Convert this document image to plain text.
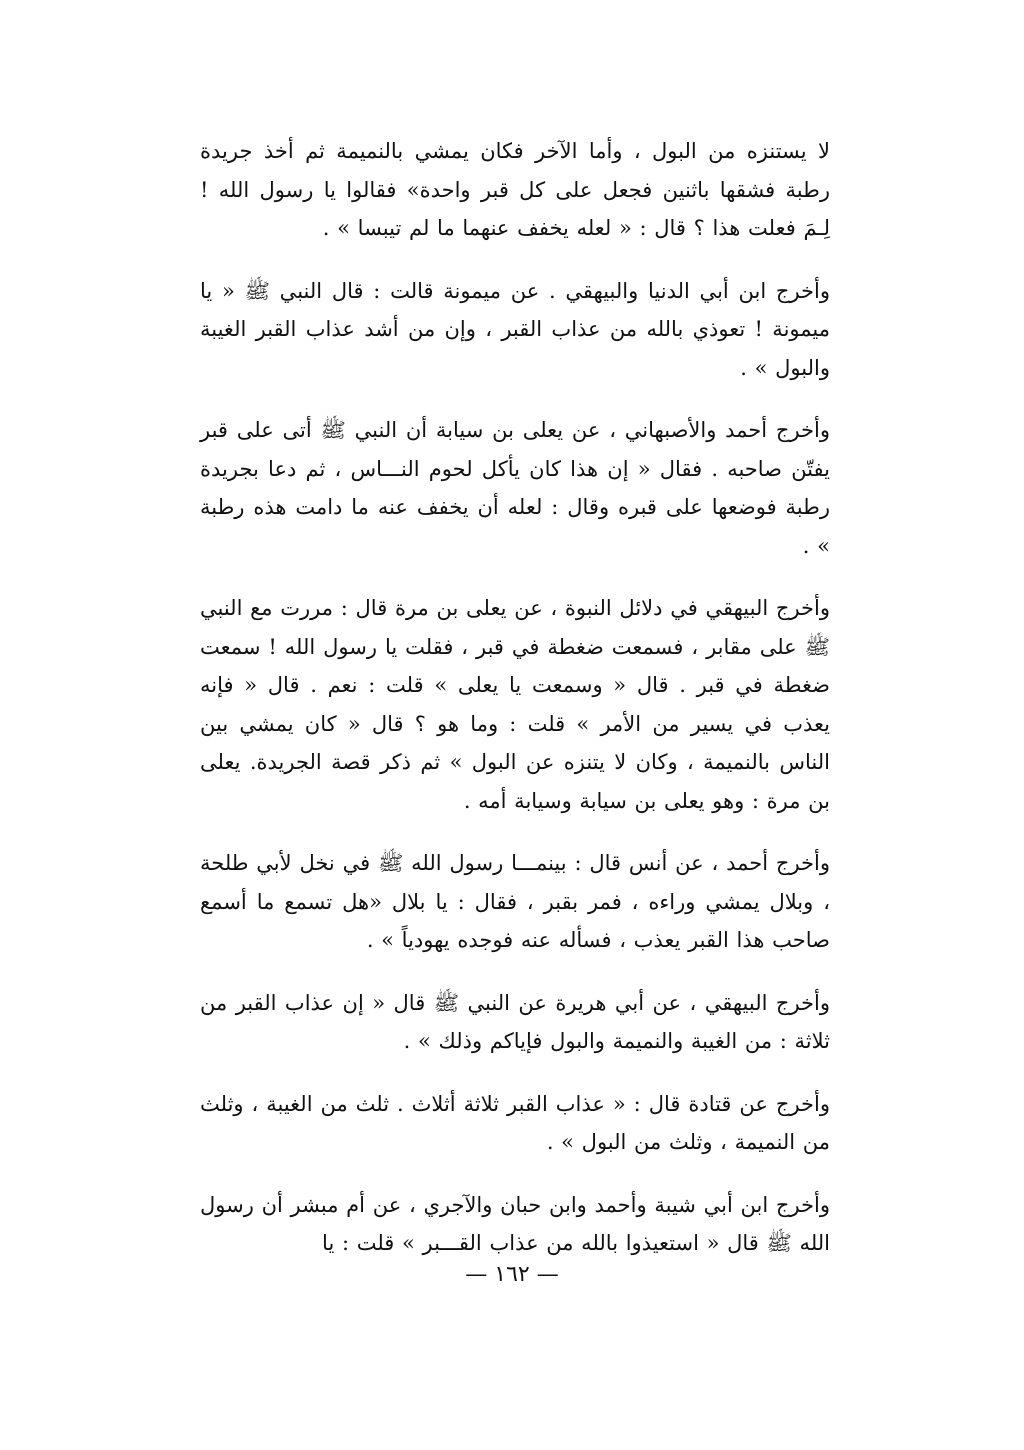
لا يستنزه من البول ، وأما الآخر فكان يمشي بالنميمة ثم أخذ جريدة رطبة فشقها باثنين فجعل على كل قبر واحدة» فقالوا يا رسول الله ! لِـمَ فعلت هذا ؟ قال : « لعله يخفف عنهما ما لم تيبسا » .

وأخرج ابن أبي الدنيا والبيهقي . عن ميمونة قالت : قال النبي ﷺ « يا ميمونة ! تعوذي بالله من عذاب القبر ، وإن من أشد عذاب القبر الغيبة والبول » .

وأخرج أحمد والأصبهاني ، عن يعلى بن سيابة أن النبي ﷺ أتى على قبر يفتّن صاحبه . فقال « إن هذا كان يأكل لحوم النـــاس ، ثم دعا بجريدة رطبة فوضعها على قبره وقال : لعله أن يخفف عنه ما دامت هذه رطبة » .

وأخرج البيهقي في دلائل النبوة ، عن يعلى بن مرة قال : مررت مع النبي ﷺ على مقابر ، فسمعت ضغطة في قبر ، فقلت يا رسول الله ! سمعت ضغطة في قبر . قال « وسمعت يا يعلى » قلت : نعم . قال « فإنه يعذب في يسير من الأمر » قلت : وما هو ؟ قال « كان يمشي بين الناس بالنميمة ، وكان لا يتنزه عن البول » ثم ذكر قصة الجريدة. يعلى بن مرة : وهو يعلى بن سيابة وسيابة أمه .

وأخرج أحمد ، عن أنس قال : بينمـــا رسول الله ﷺ في نخل لأبي طلحة ، وبلال يمشي وراءه ، فمر بقبر ، فقال : يا بلال «هل تسمع ما أسمع صاحب هذا القبر يعذب ، فسأله عنه فوجده يهودياً » .

وأخرج البيهقي ، عن أبي هريرة عن النبي ﷺ قال « إن عذاب القبر من ثلاثة : من الغيبة والنميمة والبول فإياكم وذلك » .

وأخرج عن قتادة قال : « عذاب القبر ثلاثة أثلاث . ثلث من الغيبة ، وثلث من النميمة ، وثلث من البول » .

وأخرج ابن أبي شيبة وأحمد وابن حبان والآجري ، عن أم مبشر أن رسول الله ﷺ قال « استعيذوا بالله من عذاب القـــبر » قلت : يا

— ١٦٢ —
